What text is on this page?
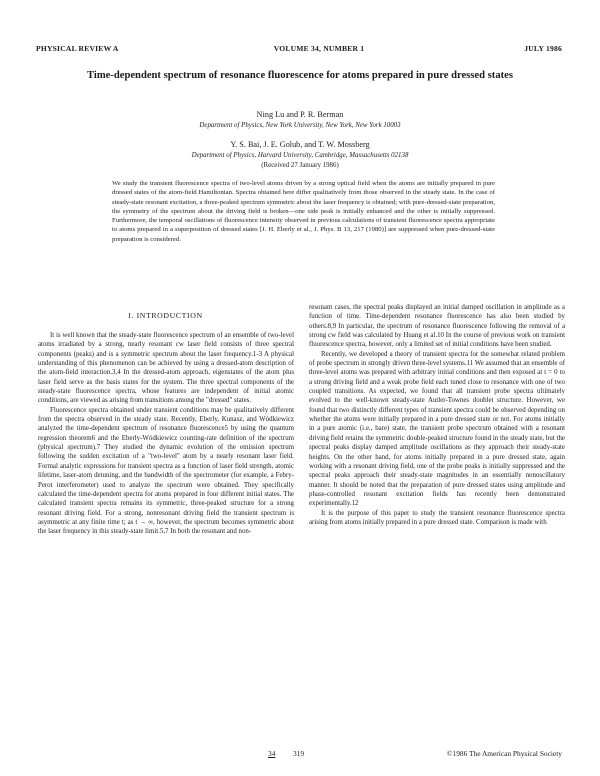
PHYSICAL REVIEW A	VOLUME 34, NUMBER 1	JULY 1986
Time-dependent spectrum of resonance fluorescence for atoms prepared in pure dressed states
Ning Lu and P. R. Berman
Department of Physics, New York University, New York, New York 10003
Y. S. Bai, J. E. Golub, and T. W. Mossberg
Department of Physics, Harvard University, Cambridge, Massachusetts 02138
(Received 27 January 1986)

We study the transient fluorescence spectra of two-level atoms driven by a strong optical field when the atoms are initially prepared in pure dressed states of the atom-field Hamiltonian. Spectra obtained here differ qualitatively from those observed in the steady state. In the case of steady-state resonant excitation, a three-peaked spectrum symmetric about the laser frequency is obtained; with pure-dressed-state preparation, the symmetry of the spectrum about the driving field is broken—one side peak is initially enhanced and the other is initially suppressed. Furthermore, the temporal oscillations of fluorescence intensity observed in previous calculations of transient fluorescence spectra appropriate to atoms prepared in a superposition of dressed states [J. H. Eberly et al., J. Phys. B 13, 217 (1980)] are suppressed when pure-dressed-state preparation is considered.

I. INTRODUCTION

It is well known that the steady-state fluorescence spectrum of an ensemble of two-level atoms irradiated by a strong, nearly resonant cw laser field consists of three spectral components (peaks) and is a symmetric spectrum about the laser frequency.1-3 A physical understanding of this phenomenon can be achieved by using a dressed-atom description of the atom-field interaction.3,4 In the dressed-atom approach, eigenstates of the atom plus laser field serve as the basis states for the system. The three spectral components of the steady-state fluorescence spectra, whose features are independent of initial atomic conditions, are viewed as arising from transitions among the "dressed" states.

Fluorescence spectra obtained under transient conditions may be qualitatively different from the spectra observed in the steady state. Recently, Eberly, Kunasz, and Wódkiewicz analyzed the time-dependent spectrum of resonance fluorescence5 by using the quantum regression theorem6 and the Eberly-Wódkiewicz counting-rate definition of the spectrum (physical spectrum).7 They studied the dynamic evolution of the emission spectrum following the sudden excitation of a "two-level" atom by a nearly resonant laser field. Formal analytic expressions for transient spectra as a function of laser field strength, atomic lifetime, laser-atom detuning, and the bandwidth of the spectrometer (for example, a Febry-Perot interferometer) used to analyze the spectrum were obtained. They specifically calculated the time-dependent spectra for atoms prepared in four different initial states. The calculated transient spectra remains its symmetric, three-peaked structure for a strong resonant driving field. For a strong, nonresonant driving field the transient spectrum is asymmetric at any finite time t; as t → ∞, however, the spectrum becomes symmetric about the laser frequency in this steady-state limit.5,7 In both the resonant and non-

resonant cases, the spectral peaks displayed an initial damped oscillation in amplitude as a function of time. Time-dependent resonance fluorescence has also been studied by others.8,9 In particular, the spectrum of resonance fluorescence following the removal of a strong cw field was calculated by Huang et al.10 In the course of previous work on transient fluorescence spectra, however, only a limited set of initial conditions have been studied.

Recently, we developed a theory of transient spectra for the somewhat related problem of probe spectrum in strongly driven three-level systems.11 We assumed that an ensemble of three-level atoms was prepared with arbitrary initial conditions and then exposed at t = 0 to a strong driving field and a weak probe field each tuned close to resonance with one of two coupled transitions. As expected, we found that all transient probe spectra ultimately evolved to the well-known steady-state Autler-Townes doublet structure. However, we found that two distinctly different types of transient spectra could be observed depending on whether the atoms were initially prepared in a pure dressed state or not. For atoms initially in a pure atomic (i.e., bare) state, the transient probe spectrum obtained with a resonant driving field retains the symmetric double-peaked structure found in the steady state, but the spectral peaks display damped amplitude oscillations as they approach their steady-state heights. On the other hand, for atoms initially prepared in a pure dressed state, again working with a resonant driving field, one of the probe peaks is initially suppressed and the spectral peaks approach their steady-state magnitudes in an essentially nonoscillatory manner. It should be noted that the preparation of pure dressed states using amplitude and phase-controlled resonant excitation fields has recently been demonstrated experimentally.12

It is the purpose of this paper to study the transient resonance fluorescence spectra arising from atoms initially prepared in a pure dressed state. Comparison is made with

34 319	©1986 The American Physical Society
